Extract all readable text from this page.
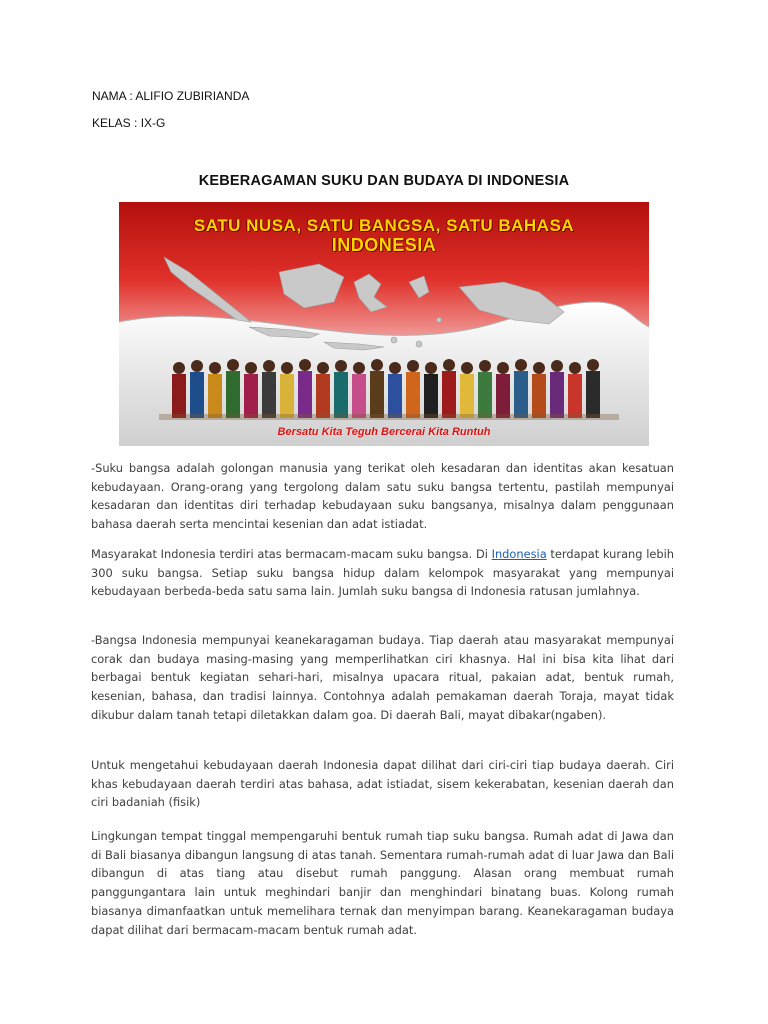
NAMA : ALIFIO ZUBIRIANDA
KELAS : IX-G
KEBERAGAMAN SUKU DAN BUDAYA DI INDONESIA
SATU NUSA, SATU BANGSA, SATU BAHASA
INDONESIA
Bersatu Kita Teguh Bercerai Kita Runtuh

-Suku bangsa adalah golongan manusia yang terikat oleh kesadaran dan identitas akan kesatuan kebudayaan. Orang-orang yang tergolong dalam satu suku bangsa tertentu, pastilah mempunyai kesadaran dan identitas diri terhadap kebudayaan suku bangsanya, misalnya dalam penggunaan bahasa daerah serta mencintai kesenian dan adat istiadat.

Masyarakat Indonesia terdiri atas bermacam-macam suku bangsa. Di Indonesia terdapat kurang lebih 300 suku bangsa. Setiap suku bangsa hidup dalam kelompok masyarakat yang mempunyai kebudayaan berbeda-beda satu sama lain. Jumlah suku bangsa di Indonesia ratusan jumlahnya.

-Bangsa Indonesia mempunyai keanekaragaman budaya. Tiap daerah atau masyarakat mempunyai corak dan budaya masing-masing yang memperlihatkan ciri khasnya. Hal ini bisa kita lihat dari berbagai bentuk kegiatan sehari-hari, misalnya upacara ritual, pakaian adat, bentuk rumah, kesenian, bahasa, dan tradisi lainnya. Contohnya adalah pemakaman daerah Toraja, mayat tidak dikubur dalam tanah tetapi diletakkan dalam goa. Di daerah Bali, mayat dibakar(ngaben).

Untuk mengetahui kebudayaan daerah Indonesia dapat dilihat dari ciri-ciri tiap budaya daerah. Ciri khas kebudayaan daerah terdiri atas bahasa, adat istiadat, sisem kekerabatan, kesenian daerah dan ciri badaniah (fisik)

Lingkungan tempat tinggal mempengaruhi bentuk rumah tiap suku bangsa. Rumah adat di Jawa dan di Bali biasanya dibangun langsung di atas tanah. Sementara rumah-rumah adat di luar Jawa dan Bali dibangun di atas tiang atau disebut rumah panggung. Alasan orang membuat rumah panggungantara lain untuk meghindari banjir dan menghindari binatang buas. Kolong rumah biasanya dimanfaatkan untuk memelihara ternak dan menyimpan barang. Keanekaragaman budaya dapat dilihat dari bermacam-macam bentuk rumah adat.
